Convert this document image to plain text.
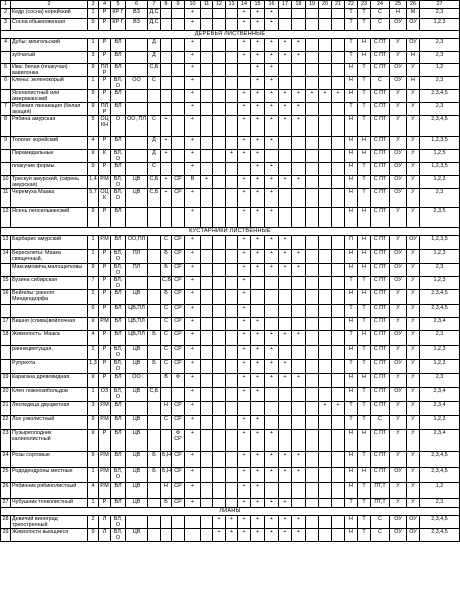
1	2	3	4	5	6	7	8	9	10	11	12	13	14	15	16	17	18	19	20	21	22	23	24	25	26	27
2	Кедр (сосна) корейский	1	Р	КР Г	ВЗ	Д,С			+				+	+	+						Т	Т	С	Н	М	2,3
3	Сосна обыкновенная	9	Р	КР Г	ВЗ	Д,С			+				+	+	+						Т	Т	С	ОУ	ОУ	1,2,3
ДЕРЕВЬЯ ЛИСТВЕННЫЕ																										
4	Дубы: монгольский	1	Р	ВЛ		Д			+				+	+	+	+	+				Т	Н	С ПТ	У	ОУ	2,3
	зубчатый	3	Р	ВЛ		Д			+				+	+	+	+	+				Т	Н	С ПТ	У	Н	2,3
5	Ива: белая (плакучая) вавилонка	9	ПЛ Р	ВЛ		С,Б			+					+	+						Н	Т	С ПТ	ОУ	У	1,2
6	Клены: зеленокорый	1	Р	ВЛ, О	ОО	С			+					+	+						Н	Т	С	ОУ	Н	2,3
	Ясенелистный или американский	9	Р	ВЛ					+				+	+	+	+	+	+	+	+	Н	Т	С ПТ	У	У	2,3,4,5
7	Робиния лжеакация (белая акация)	9	ПЛ Р	ВЛ					+				+	+	+	+	+				Т	Т	С ПТ	У	У	2,3
8	Рябина амурская	5	ОЦ КН	О	ОО, ПЛ	С	+		+				+	+	+	+	+				Н	Т	С ПТ	У	У	2,3,4,5
9	Тополи: корейский	4	Р	ВЛ		Д	+		+				+	+	+						Н	Н	С ПТ	У	У	1,2,3,5
	Пирамидальные	9	К	ВЛ, О		Д	+		+			+	+	+							Н	Н	С ПТ	ОУ	У	1,2,5
	плакучие формы	9	Р	ВЛ		С			+					+	+						Н	Т	С ПТ	ОУ	У	1,2,3,5
10	Трескун амурский, (сирень амурская)	1,4	Р.М	ВЛ, О	ЦВ	С,Б	+	СР	В	+			+	+	+	+	+				Н	Т	С ПТ	ОУ	У	1,2,3
11	Черемуха Маака	5,7	ОЦ К	ВЛ, О	ЦВ	С,Б	+	СР	+				+	+	+						Н	Т	С ПТ	ОУ	У	2,3
12	Ясень пенсильванский	9	Р	ВЛ					+				+	+	+						Н	Н	С ПТ	У	У	2,3,5
КУСТАРНИКИ ЛИСТВЕННЫЕ																										
13	Барбарис амурский	1	Р.М	ВЛ	ОО,ПЛ		С	СР	+				+	+	+	+					П	Н	С ПТ	У	ОУ	1,2,3,5
14	Бересклеты: Маака священный,	1	Р	ВЛ, О	ПЛ		Б	СР	+				+	+	+	+	+				Н	Н	С ПТ	ОУ	У	1,2,3
	Максимовича,малощетковы	9	Р	ВЛ, О	ПЛ		Б	СР	+				+	+	+	+	+				Н	Н	С ПТ	ОУ	У	2,3
15	Бузина сибирская	7	Р	ВЛ, О			С,В	СР	+				+								Т	Т	С ПТ	ОУ	У	1,2,3
16	Вейгелы: ранняя Миндендорфа	2	Р	ВЛ	ЦВ		Б	СР	+				+								Н	Н	С ПТ	У	У	2,3,4,5
		6	Р	ВЛ	ЦВ,ПЛ		С	СР	+				+								Т	Т	С ПТ	У	У	2,3,4,5
17	Вишня (слива)войлочная	9	Р.М	ВЛ	ЦВ,ПЛ		С	СР	+				+	+							Н	Т	С ПТ	У	У	2,3,4
18	Жимолость: Маака	4	Р	ВЛ	ЦВ,ПЛ	Б	С	СР	+				+	+	+	+	+				Т	Н	С ПТ	ОУ	У	2,3
	раннецветущая,	2	Р	ВЛ, О	ЦВ		С	СР	+				+	+	+						Н	Т	С ПТ	У	У	1,2,3
	Рупрехта	1,3	Р	ВЛ, О	ЦВ	Б	С	СР	+				+	+	+	+					Т	Т	С ПТ	ОУ	У	1,2,3
19	Карагана древовидная.	9	Р	ВЛ	ОО		В	Ф	+				+	+	+	+	+				Н	Н	С ПТ	У	У	2,3
20	Клен ложнозибольдов	1	ОЗ	ВЛ, О	ЦВ	С,Б			+				+	+							Н	Т	С ПТ	ОУ	У	2,3,4
21	Леспедеца двуцветная	3	Р.М	ВЛ			Н	СР	+										+	+	Т	Т	С ПТ	У	У	2,3,4
22	Лох узколистный	9	Р.М	ВЛ	ЦВ		С	СР	+				+	+							Т	Т	С	У	У	1,2,3
23	Пузыреплодник калинолистный	9	Р	ВЛ	ЦВ			Ф СР	+				+	+	+						Н	Н	С ПТ	У	У	2,3,4
24	Розы сортовые	9	Р.М	ВЛ	ЦВ	Б	Б,Н	СР	+				+	+	+	+	+				Н	Т	С ПТ	У	У	2,3,4,5
25	Рододендроны местные	1	Р.М	ВЛ, О	ЦВ	Б	Б,Н	СР	+				+	+	+	+	+				Н	Н	С ПТ	ОУ	У	2,3,4,5
26	Рябинник рябинолистный	4	Р.М	ВЛ	ЦВ		Н	СР	+				+	+							Н	Т	ПТ,Т	У	У	1,2
27	Чубушник тонколистный	1	Р	ВЛ	ЦВ		Б	СР	+				+	+	+	+					Т	Т	ПТ,Т	У	У	2,3
ЛИАНЫ																										
28	Девичий виноград триостренный	2	Л	ВЛ, О							+	+	+	+	+	+	+				Н	Т	С	ОУ	ОУ	2,3,4,5
29	Жимолости вьющиеся	9	Л	ВЛ, О	ЦВ						+	+	+	+	+	+	+				Н	Т	С	ОУ	ОУ	2,3,4,5
